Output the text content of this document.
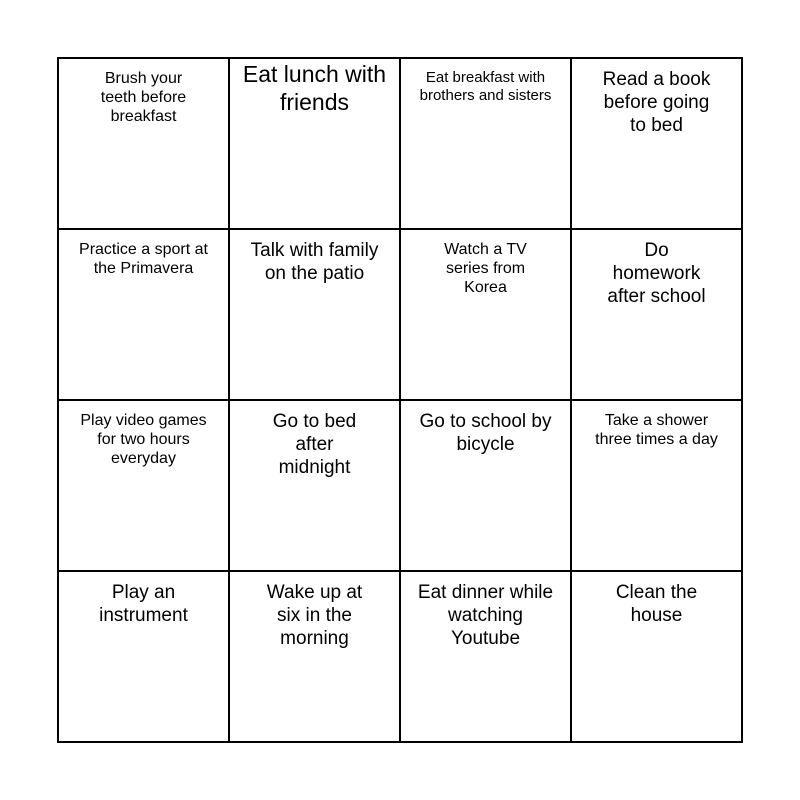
Brush your teeth before breakfast
Eat lunch with friends
Eat breakfast with brothers and sisters
Read a book before going to bed
Practice a sport at the Primavera
Talk with family on the patio
Watch a TV series from Korea
Do homework after school
Play video games for two hours everyday
Go to bed after midnight
Go to school by bicycle
Take a shower three times a day
Play an instrument
Wake up at six in the morning
Eat dinner while watching Youtube
Clean the house
